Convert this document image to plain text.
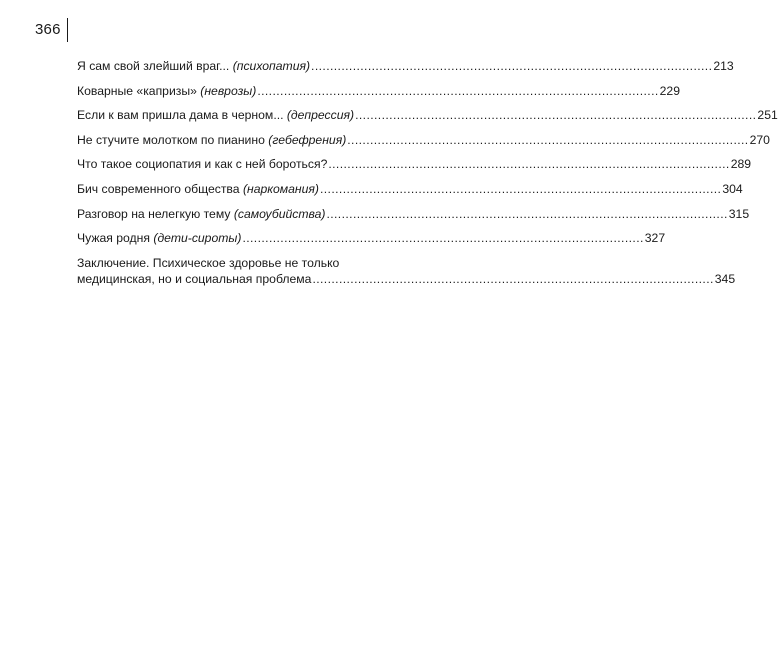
366
Я сам свой злейший враг... (психопатия) .......................................................................................................... 213
Коварные «капризы» (неврозы) .......................................................................................................... 229
Если к вам пришла дама в черном... (депрессия) .......................................................................................................... 251
Не стучите молотком по пианино (гебефрения) .......................................................................................................... 270
Что такое социопатия и как с ней бороться? .......................................................................................................... 289
Бич современного общества (наркомания) .......................................................................................................... 304
Разговор на нелегкую тему (самоубийства) .......................................................................................................... 315
Чужая родня (дети-сироты) .......................................................................................................... 327
Заключение. Психическое здоровье не только
медицинская, но и социальная проблема .......................................................................................................... 345
